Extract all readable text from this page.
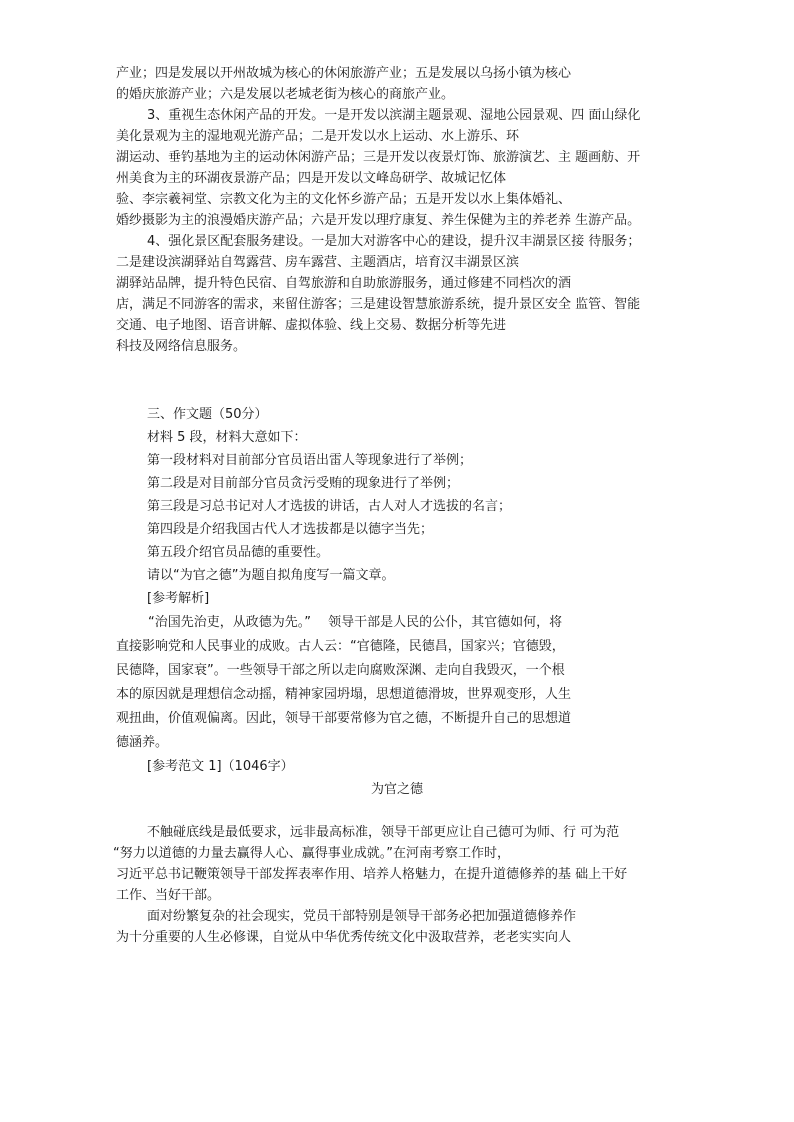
产业；四是发展以开州故城为核心的休闲旅游产业；五是发展以乌扬小镇为核心
的婚庆旅游产业；六是发展以老城老街为核心的商旅产业。
3、重视生态休闲产品的开发。一是开发以滨湖主题景观、湿地公园景观、四 面山绿化
美化景观为主的湿地观光游产品；二是开发以水上运动、水上游乐、环
湖运动、垂钓基地为主的运动休闲游产品；三是开发以夜景灯饰、旅游演艺、主 题画舫、开
州美食为主的环湖夜景游产品；四是开发以文峰岛研学、故城记忆体
验、李宗羲祠堂、宗教文化为主的文化怀乡游产品；五是开发以水上集体婚礼、
婚纱摄影为主的浪漫婚庆游产品；六是开发以理疗康复、养生保健为主的养老养 生游产品。
4、强化景区配套服务建设。一是加大对游客中心的建设，提升汉丰湖景区接 待服务；
二是建设滨湖驿站自驾露营、房车露营、主题酒店，培育汉丰湖景区滨
湖驿站品牌，提升特色民宿、自驾旅游和自助旅游服务，通过修建不同档次的酒
店，满足不同游客的需求，来留住游客；三是建设智慧旅游系统，提升景区安全 监管、智能
交通、电子地图、语音讲解、虚拟体验、线上交易、数据分析等先进
科技及网络信息服务。
三、作文题（50分）
材料 5 段，材料大意如下：
第一段材料对目前部分官员语出雷人等现象进行了举例；
第二段是对目前部分官员贪污受贿的现象进行了举例；
第三段是习总书记对人才选拔的讲话，古人对人才选拔的名言；
第四段是介绍我国古代人才选拔都是以德字当先；
第五段介绍官员品德的重要性。
请以“为官之德”为题自拟角度写一篇文章。
[参考解析]
“治国先治吏，从政德为先。”　 领导干部是人民的公仆，其官德如何，将
直接影响党和人民事业的成败。古人云：“官德隆，民德昌，国家兴；官德毁，
民德降，国家衰”。一些领导干部之所以走向腐败深渊、走向自我毁灭，一个根
本的原因就是理想信念动摇，精神家园坍塌，思想道德滑坡，世界观变形，人生
观扭曲，价值观偏离。因此，领导干部要常修为官之德，不断提升自己的思想道
德涵养。
[参考范文 1]（1046字）
为官之德
不触碰底线是最低要求，远非最高标准，领导干部更应让自己德可为师、行 可为范
“努力以道德的力量去赢得人心、赢得事业成就。”在河南考察工作时，
习近平总书记鞭策领导干部发挥表率作用、培养人格魅力，在提升道德修养的基 础上干好
工作、当好干部。
面对纷繁复杂的社会现实，党员干部特别是领导干部务必把加强道德修养作
为十分重要的人生必修课，自觉从中华优秀传统文化中汲取营养，老老实实向人
